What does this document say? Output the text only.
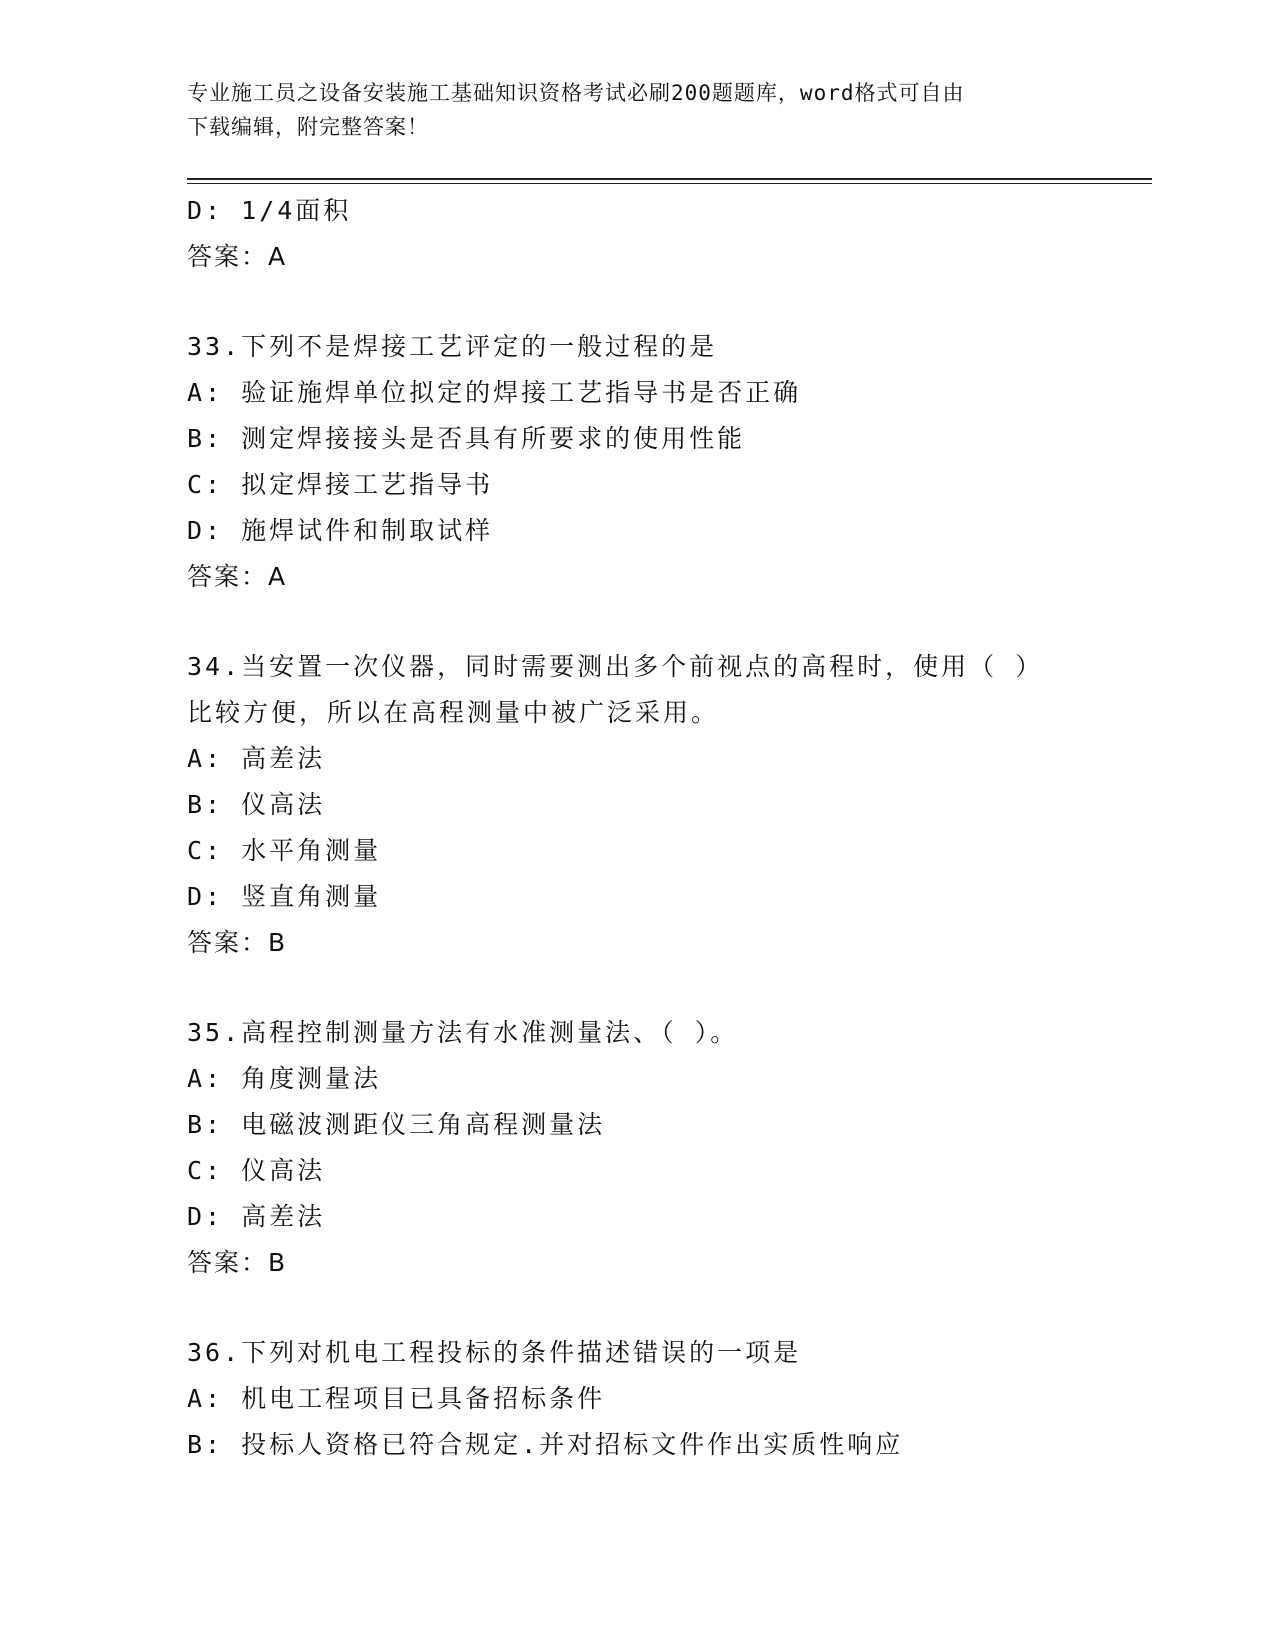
专业施工员之设备安装施工基础知识资格考试必刷200题题库，word格式可自由
下载编辑，附完整答案！
D: 1/4面积
答案：A
33.下列不是焊接工艺评定的一般过程的是
A: 验证施焊单位拟定的焊接工艺指导书是否正确
B: 测定焊接接头是否具有所要求的使用性能
C: 拟定焊接工艺指导书
D: 施焊试件和制取试样
答案：A
34.当安置一次仪器，同时需要测出多个前视点的高程时，使用（ ）
比较方便，所以在高程测量中被广泛采用。
A: 高差法
B: 仪高法
C: 水平角测量
D: 竖直角测量
答案：B
35.高程控制测量方法有水准测量法、（ ）。
A: 角度测量法
B: 电磁波测距仪三角高程测量法
C: 仪高法
D: 高差法
答案：B
36.下列对机电工程投标的条件描述错误的一项是
A: 机电工程项目已具备招标条件
B: 投标人资格已符合规定.并对招标文件作出实质性响应
